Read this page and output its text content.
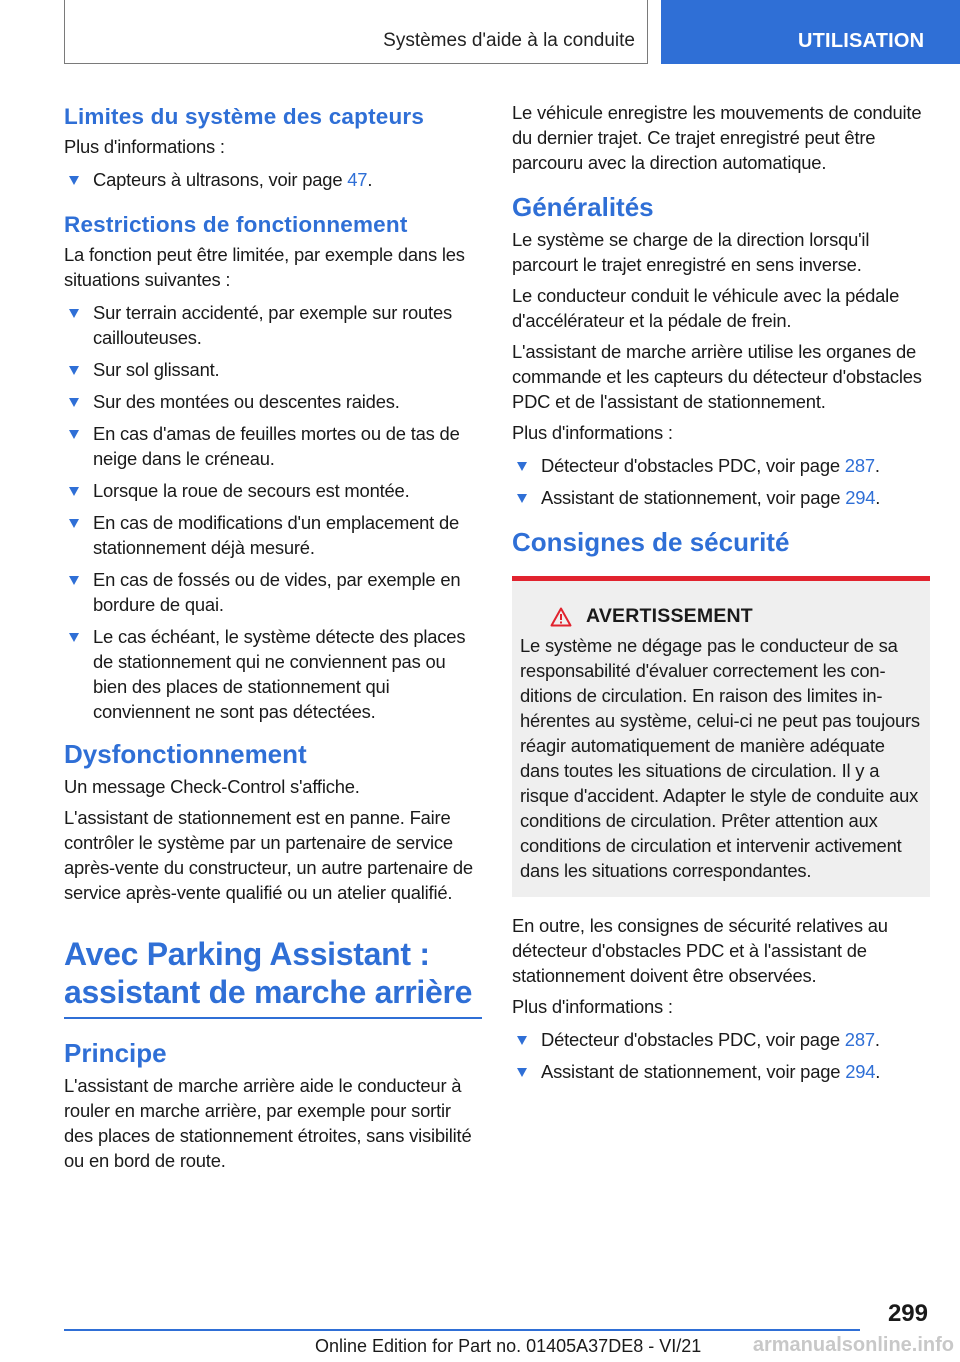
Systèmes d'aide à la conduite	UTILISATION
Limites du système des capteurs

Plus d'informations :

Capteurs à ultrasons, voir page 47.
Restrictions de fonctionnement

La fonction peut être limitée, par exemple dans les situations suivantes :

Sur terrain accidenté, par exemple sur routes caillouteuses.
Sur sol glissant.
Sur des montées ou descentes raides.
En cas d'amas de feuilles mortes ou de tas de neige dans le créneau.
Lorsque la roue de secours est montée.
En cas de modifications d'un emplacement de stationnement déjà mesuré.
En cas de fossés ou de vides, par exemple en bordure de quai.
Le cas échéant, le système détecte des places de stationnement qui ne conviennent pas ou bien des places de stationnement qui conviennent ne sont pas détectées.
Dysfonctionnement

Un message Check-Control s'affiche.

L'assistant de stationnement est en panne. Faire contrôler le système par un partenaire de service après-vente du constructeur, un autre partenaire de service après-vente qualifié ou un atelier qualifié.

Avec Parking Assistant : assistant de marche arrière
Principe

L'assistant de marche arrière aide le conducteur à rouler en marche arrière, par exemple pour sortir des places de stationnement étroites, sans visibilité ou en bord de route.

Le véhicule enregistre les mouvements de conduite du dernier trajet. Ce trajet enregistré peut être parcouru avec la direction automatique.

Généralités

Le système se charge de la direction lorsqu'il parcourt le trajet enregistré en sens inverse.

Le conducteur conduit le véhicule avec la pédale d'accélérateur et la pédale de frein.

L'assistant de marche arrière utilise les organes de commande et les capteurs du détecteur d'obstacles PDC et de l'assistant de stationnement.

Plus d'informations :

Détecteur d'obstacles PDC, voir page 287.
Assistant de stationnement, voir page 294.
Consignes de sécurité
AVERTISSEMENT

Le système ne dégage pas le conducteur de sa responsabilité d'évaluer correctement les conditions de circulation. En raison des limites inhérentes au système, celui-ci ne peut pas toujours réagir automatiquement de manière adéquate dans toutes les situations de circulation. Il y a risque d'accident. Adapter le style de conduite aux conditions de circulation. Prêter attention aux conditions de circulation et intervenir activement dans les situations correspondantes.

En outre, les consignes de sécurité relatives au détecteur d'obstacles PDC et à l'assistant de stationnement doivent être observées.

Plus d'informations :

Détecteur d'obstacles PDC, voir page 287.
Assistant de stationnement, voir page 294.
299
Online Edition for Part no. 01405A37DE8 - VI/21	armanualsonline.info
